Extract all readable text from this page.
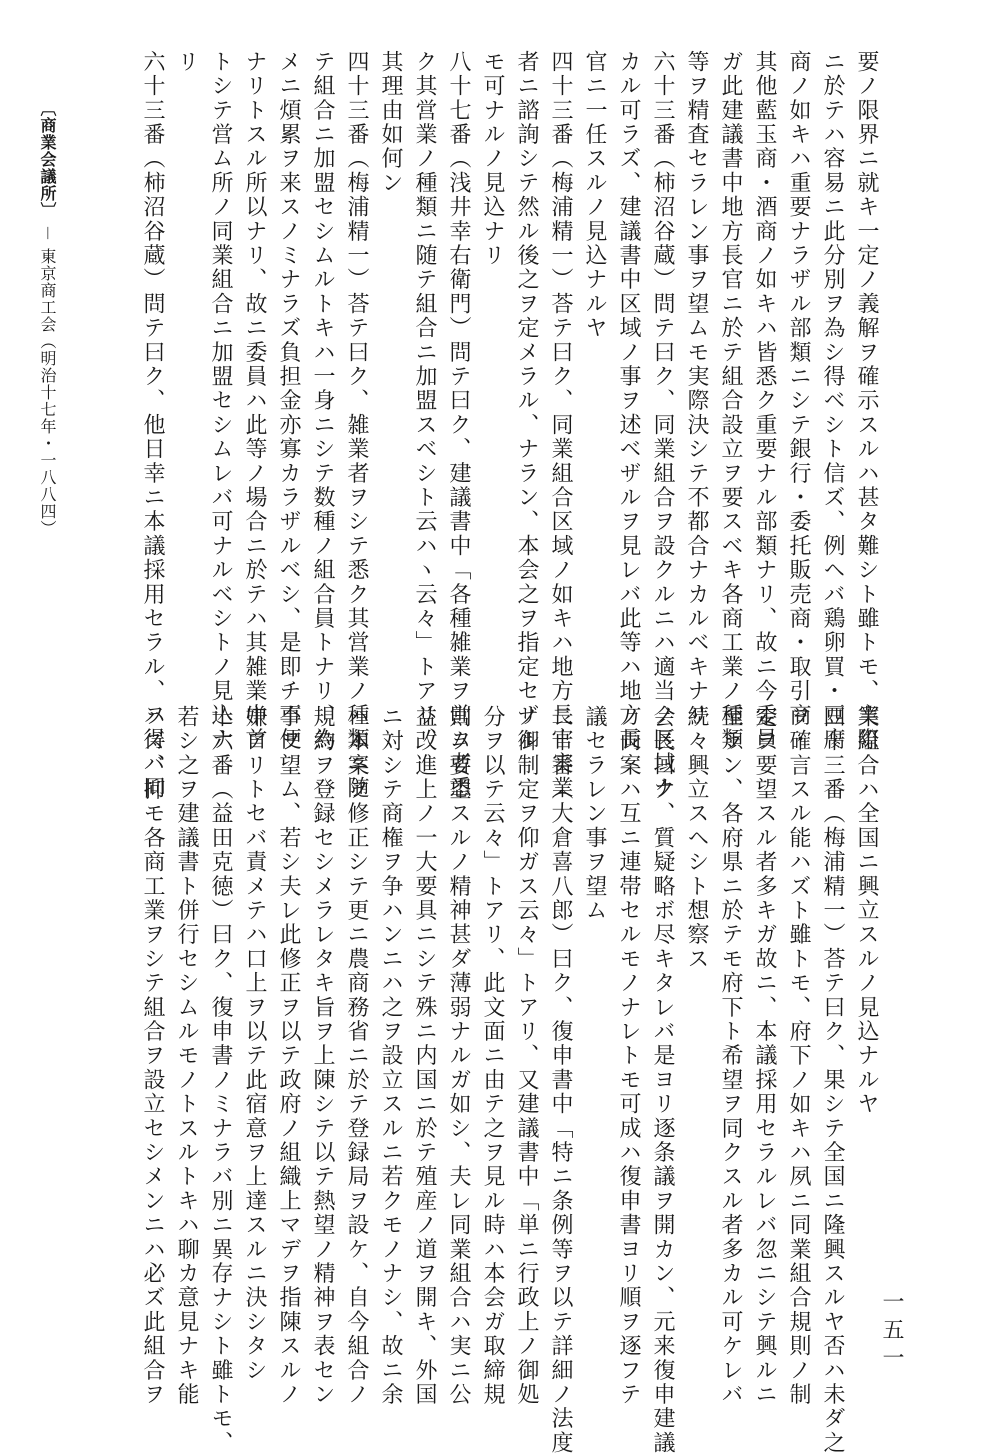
要ノ限界ニ就キ一定ノ義解ヲ確示スルハ甚タ難シト雖トモ、実際
ニ於テハ容易ニ此分別ヲ為シ得ベシト信ズ、例ヘバ鶏卵買・豆腐
商ノ如キハ重要ナラザル部類ニシテ銀行・委托販売商・取引商・
其他藍玉商・酒商ノ如キハ皆悉ク重要ナル部類ナリ、故ニ今委員
ガ此建議書中地方長官ニ於テ組合設立ヲ要スベキ各商工業ノ種類
等ヲ精査セラレン事ヲ望ムモ実際決シテ不都合ナカルベキナリ
六十三番（柿沼谷蔵）問テ曰ク、同業組合ヲ設クルニハ適当ノ区域ナ
カル可ラズ、建議書中区域ノ事ヲ述ベザルヲ見レバ此等ハ地方長
官ニ一任スルノ見込ナルヤ
四十三番（梅浦精一）荅テ曰ク、同業組合区域ノ如キハ地方長官実業
者ニ諮詢シテ然ル後之ヲ定メラル、ナラン、本会之ヲ指定セザル
モ可ナルノ見込ナリ
八十七番（浅井幸右衛門）問テ曰ク、建議書中「各種雑業ヲ営ム者悉
ク其営業ノ種類ニ随テ組合ニ加盟スベシト云ハヽ云々」トアリ、
其理由如何ン
四十三番（梅浦精一）荅テ曰ク、雑業者ヲシテ悉ク其営業ノ種類ニ随
テ組合ニ加盟セシムルトキハ一身ニシテ数種ノ組合員トナリ、為
メニ煩累ヲ来スノミナラズ負担金亦寡カラザルベシ、是即チ不便
ナリトスル所以ナリ、故ニ委員ハ此等ノ場合ニ於テハ其雑業中首
トシテ営ム所ノ同業組合ニ加盟セシムレバ可ナルベシトノ見込ナ
リ
六十三番（柿沼谷蔵）問テ曰ク、他日幸ニ本議採用セラル、ヲ得バ同
業組合ハ全国ニ興立スルノ見込ナルヤ
四十三番（梅浦精一）荅テ曰ク、果シテ全国ニ隆興スルヤ否ハ未ダ之
ヲ確言スル能ハズト雖トモ、府下ノ如キハ夙ニ同業組合規則ノ制
定ヲ要望スル者多キガ故ニ、本議採用セラルレバ忽ニシテ興ルニ
至ラン、各府県ニ於テモ府下ト希望ヲ同クスル者多カル可ケレバ
続々興立スヘシト想察ス
会長曰ク、質疑略ボ尽キタレバ是ヨリ逐条議ヲ開カン、元来復申建議
ノ両案ハ互ニ連帯セルモノナレトモ可成ハ復申書ヨリ順ヲ逐フテ
議セラレン事ヲ望ム
二十番（大倉喜八郎）曰ク、復申書中「特ニ条例等ヲ以テ詳細ノ法度
ノ御制定ヲ仰ガス云々」トアリ、又建議書中「単ニ行政上ノ御処
分ヲ以テ云々」トアリ、此文面ニ由テ之ヲ見ル時ハ本会ガ取締規
則ヲ要望スルノ精神甚ダ薄弱ナルガ如シ、夫レ同業組合ハ実ニ公
益改進上ノ一大要具ニシテ殊ニ内国ニ於テ殖産ノ道ヲ開キ、外国
ニ対シテ商権ヲ争ハンニハ之ヲ設立スルニ若クモノナシ、故ニ余
ハ本案ヲ修正シテ更ニ農商務省ニ於テ登録局ヲ設ケ、自今組合ノ
規約ヲ登録セシメラレタキ旨ヲ上陳シテ以テ熱望ノ精神ヲ表セン
事ヲ望ム、若シ夫レ此修正ヲ以テ政府ノ組織上マデヲ指陳スルノ
嫌アリトセバ責メテハ口上ヲ以テ此宿意ヲ上達スルニ決シタシ
十六番（益田克徳）曰ク、復申書ノミナラバ別ニ異存ナシト雖トモ、
若シ之ヲ建議書ト併行セシムルモノトスルトキハ聊カ意見ナキ能
ハズ、抑モ各商工業ヲシテ組合ヲ設立セシメンニハ必ズ此組合ヲ	一五一
〔商業会議所〕－東京商工会（明治十七年・一八八四）
